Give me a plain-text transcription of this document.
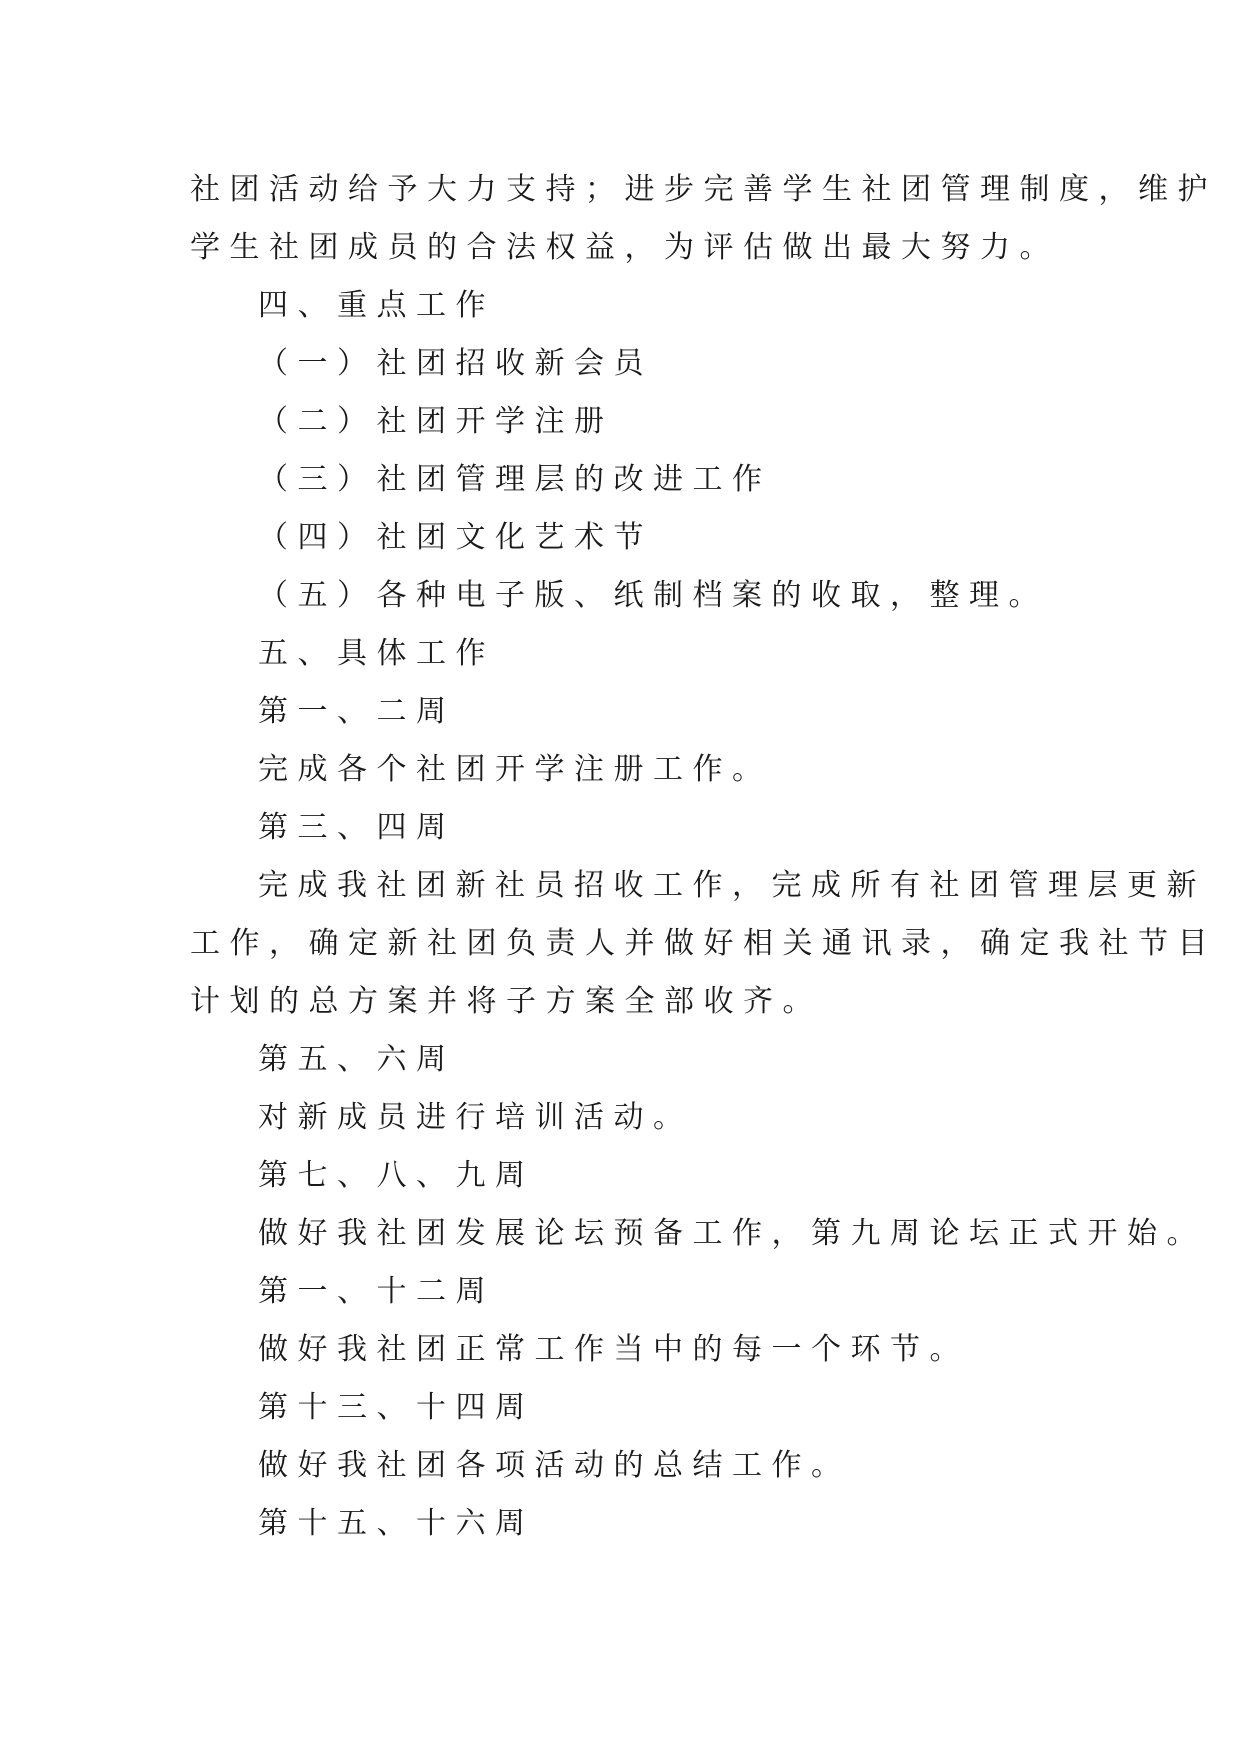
社团活动给予大力支持；进步完善学生社团管理制度，维护
学生社团成员的合法权益，为评估做出最大努力。
四、重点工作
（一）社团招收新会员
（二）社团开学注册
（三）社团管理层的改进工作
（四）社团文化艺术节
（五）各种电子版、纸制档案的收取，整理。
五、具体工作
第一、二周
完成各个社团开学注册工作。
第三、四周
完成我社团新社员招收工作，完成所有社团管理层更新
工作，确定新社团负责人并做好相关通讯录，确定我社节目
计划的总方案并将子方案全部收齐。
第五、六周
对新成员进行培训活动。
第七、八、九周
做好我社团发展论坛预备工作，第九周论坛正式开始。
第一、十二周
做好我社团正常工作当中的每一个环节。
第十三、十四周
做好我社团各项活动的总结工作。
第十五、十六周
